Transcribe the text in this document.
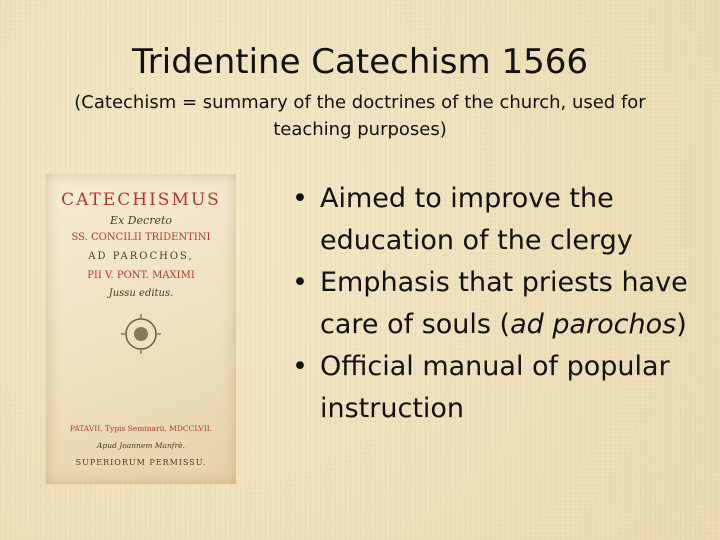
Tridentine Catechism 1566

(Catechism = summary of the doctrines of the church, used for teaching purposes)

CATECHISMUS
Ex Decreto
SS. CONCILII TRIDENTINI
AD PAROCHOS,
PII V. PONT. MAXIMI
Jussu editus.
PATAVII, Typis Seminarii. MDCCLVII.
Apud Joannem Manfrè.
SUPERIORUM PERMISSU.
• Aimed to improve the education of the clergy
• Emphasis that priests have care of souls (ad parochos)
• Official manual of popular instruction
